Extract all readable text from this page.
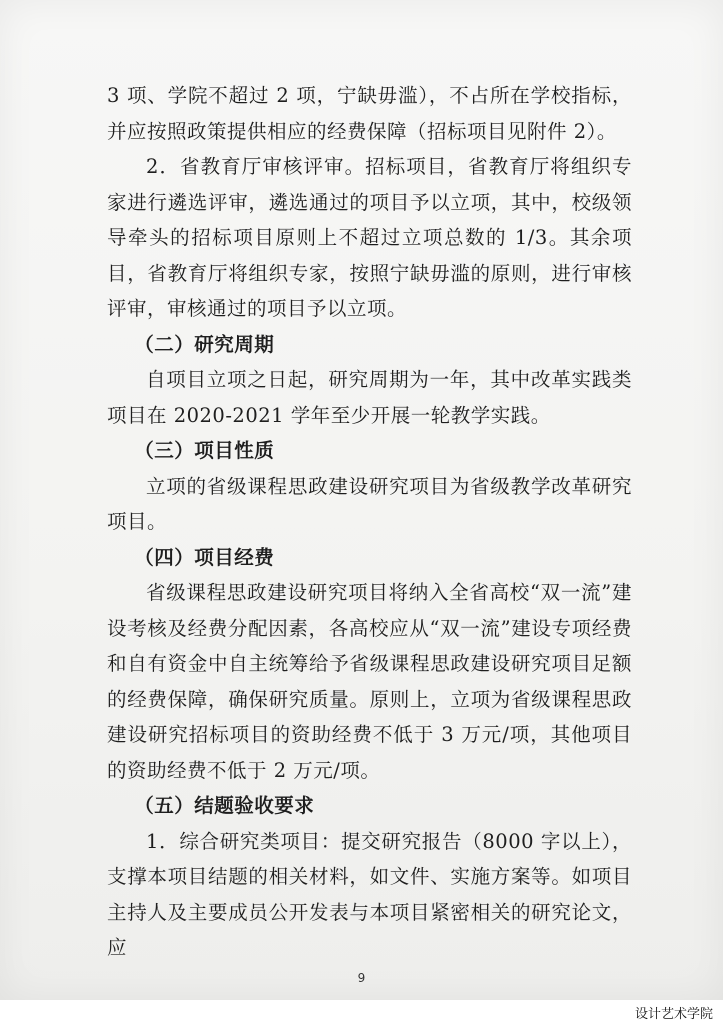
3 项、学院不超过 2 项，宁缺毋滥），不占所在学校指标，并应按照政策提供相应的经费保障（招标项目见附件 2）。

2．省教育厅审核评审。招标项目，省教育厅将组织专家进行遴选评审，遴选通过的项目予以立项，其中，校级领导牵头的招标项目原则上不超过立项总数的 1/3。其余项目，省教育厅将组织专家，按照宁缺毋滥的原则，进行审核评审，审核通过的项目予以立项。

（二）研究周期

自项目立项之日起，研究周期为一年，其中改革实践类项目在 2020-2021 学年至少开展一轮教学实践。

（三）项目性质

立项的省级课程思政建设研究项目为省级教学改革研究项目。

（四）项目经费

省级课程思政建设研究项目将纳入全省高校“双一流”建设考核及经费分配因素，各高校应从“双一流”建设专项经费和自有资金中自主统筹给予省级课程思政建设研究项目足额的经费保障，确保研究质量。原则上，立项为省级课程思政建设研究招标项目的资助经费不低于 3 万元/项，其他项目的资助经费不低于 2 万元/项。

（五）结题验收要求

1．综合研究类项目：提交研究报告（8000 字以上），支撑本项目结题的相关材料，如文件、实施方案等。如项目主持人及主要成员公开发表与本项目紧密相关的研究论文，应

9
设计艺术学院
